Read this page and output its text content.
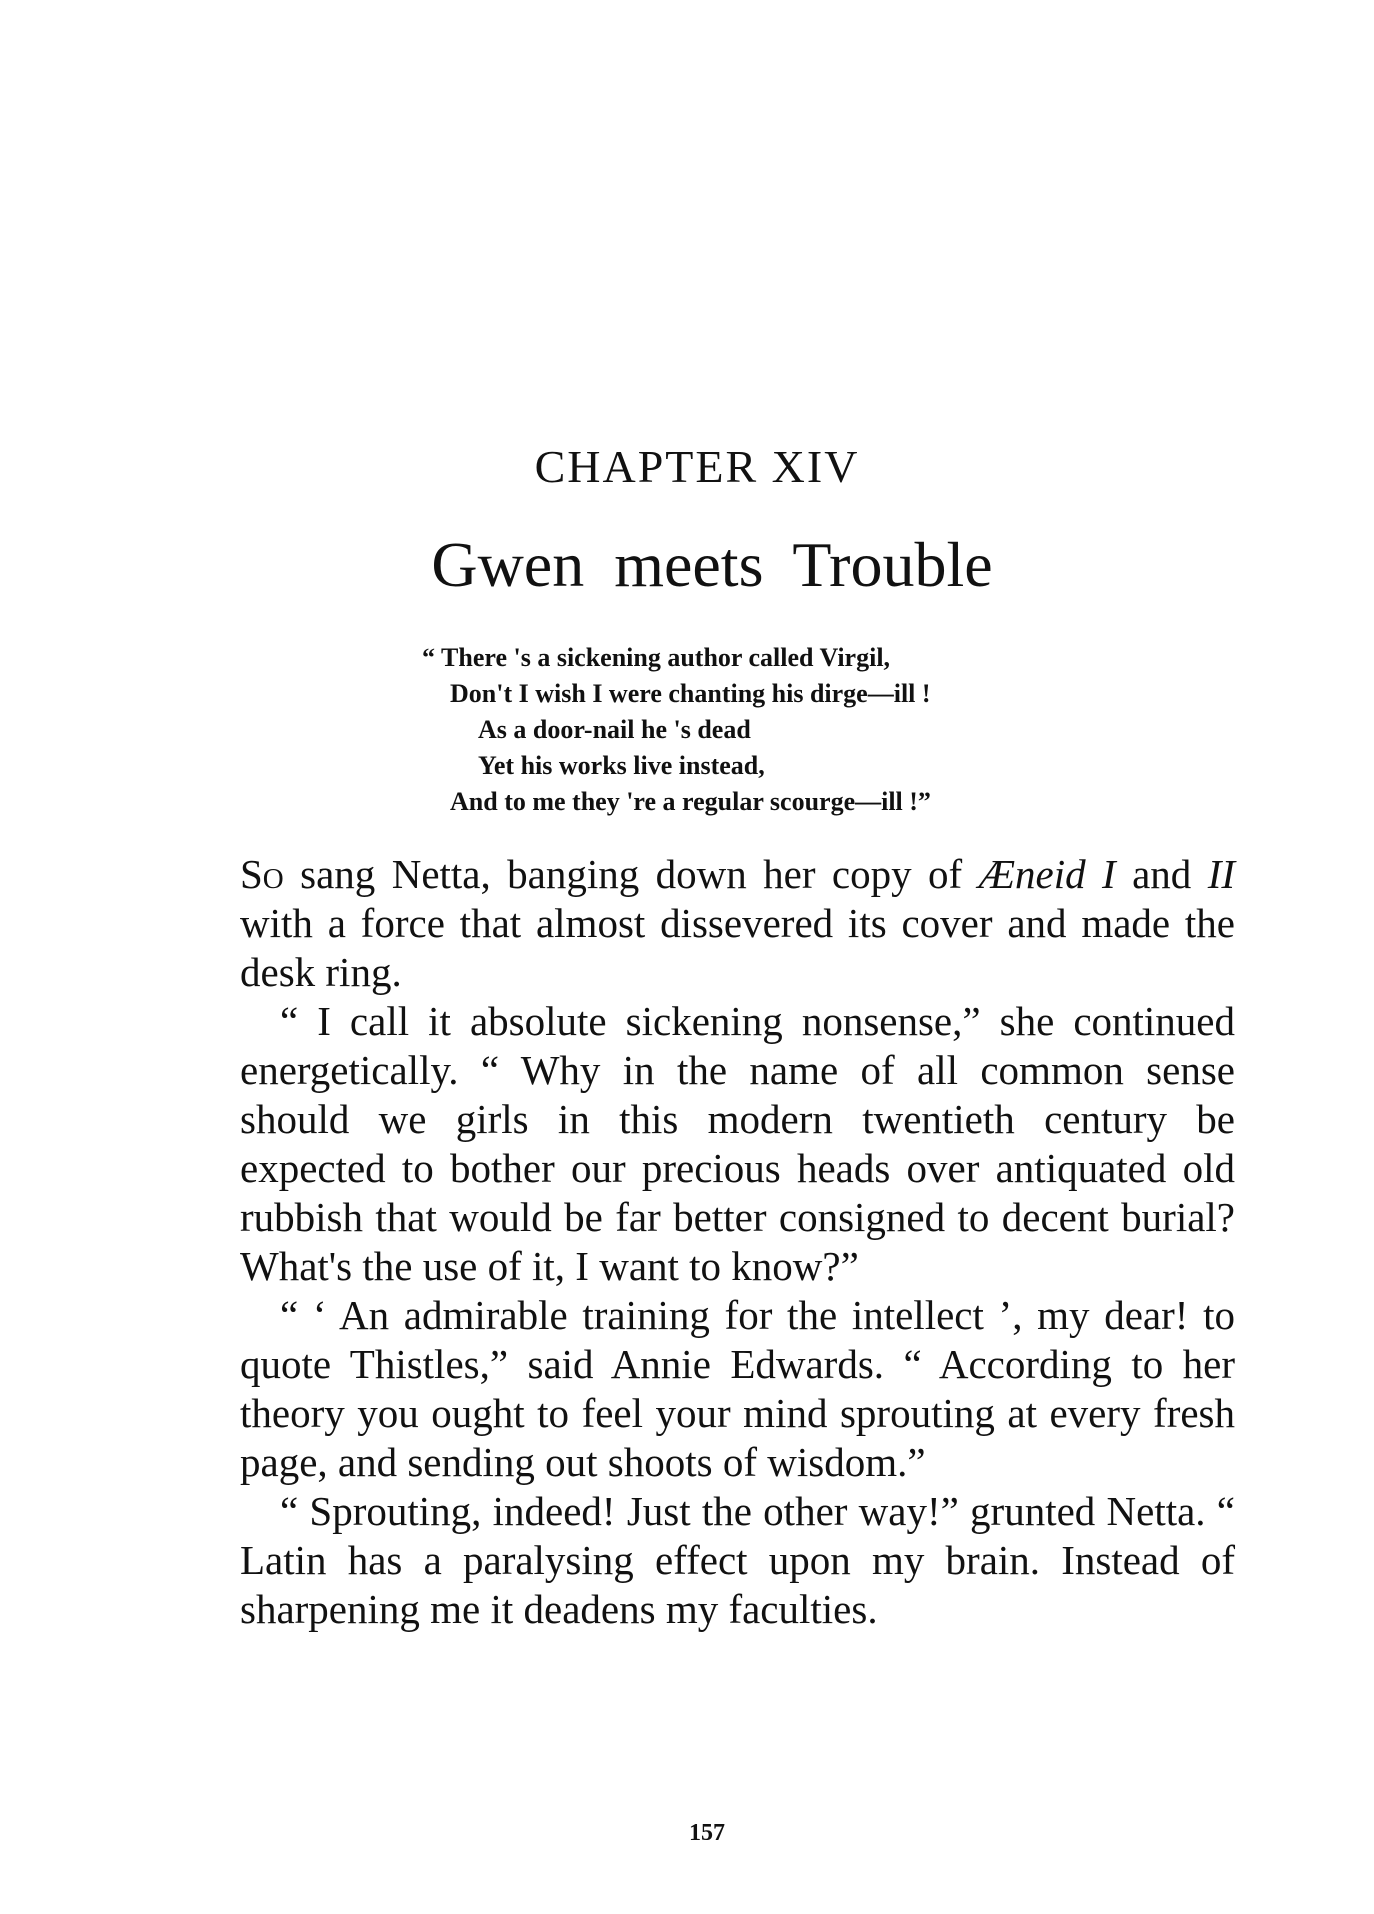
CHAPTER XIV
Gwen meets Trouble
“ There 's a sickening author called Virgil,
Don't I wish I were chanting his dirge—ill !
As a door-nail he 's dead
Yet his works live instead,
And to me they 're a regular scourge—ill !”

So sang Netta, banging down her copy of Æneid I and II with a force that almost dissevered its cover and made the desk ring.

“ I call it absolute sickening nonsense,” she continued energetically. “ Why in the name of all common sense should we girls in this modern twentieth century be expected to bother our precious heads over antiquated old rubbish that would be far better consigned to decent burial? What's the use of it, I want to know?”

“ ‘ An admirable training for the intellect ’, my dear! to quote Thistles,” said Annie Edwards. “ According to her theory you ought to feel your mind sprouting at every fresh page, and sending out shoots of wisdom.”

“ Sprouting, indeed! Just the other way!” grunted Netta. “ Latin has a paralysing effect upon my brain. Instead of sharpening me it deadens my faculties.

157
